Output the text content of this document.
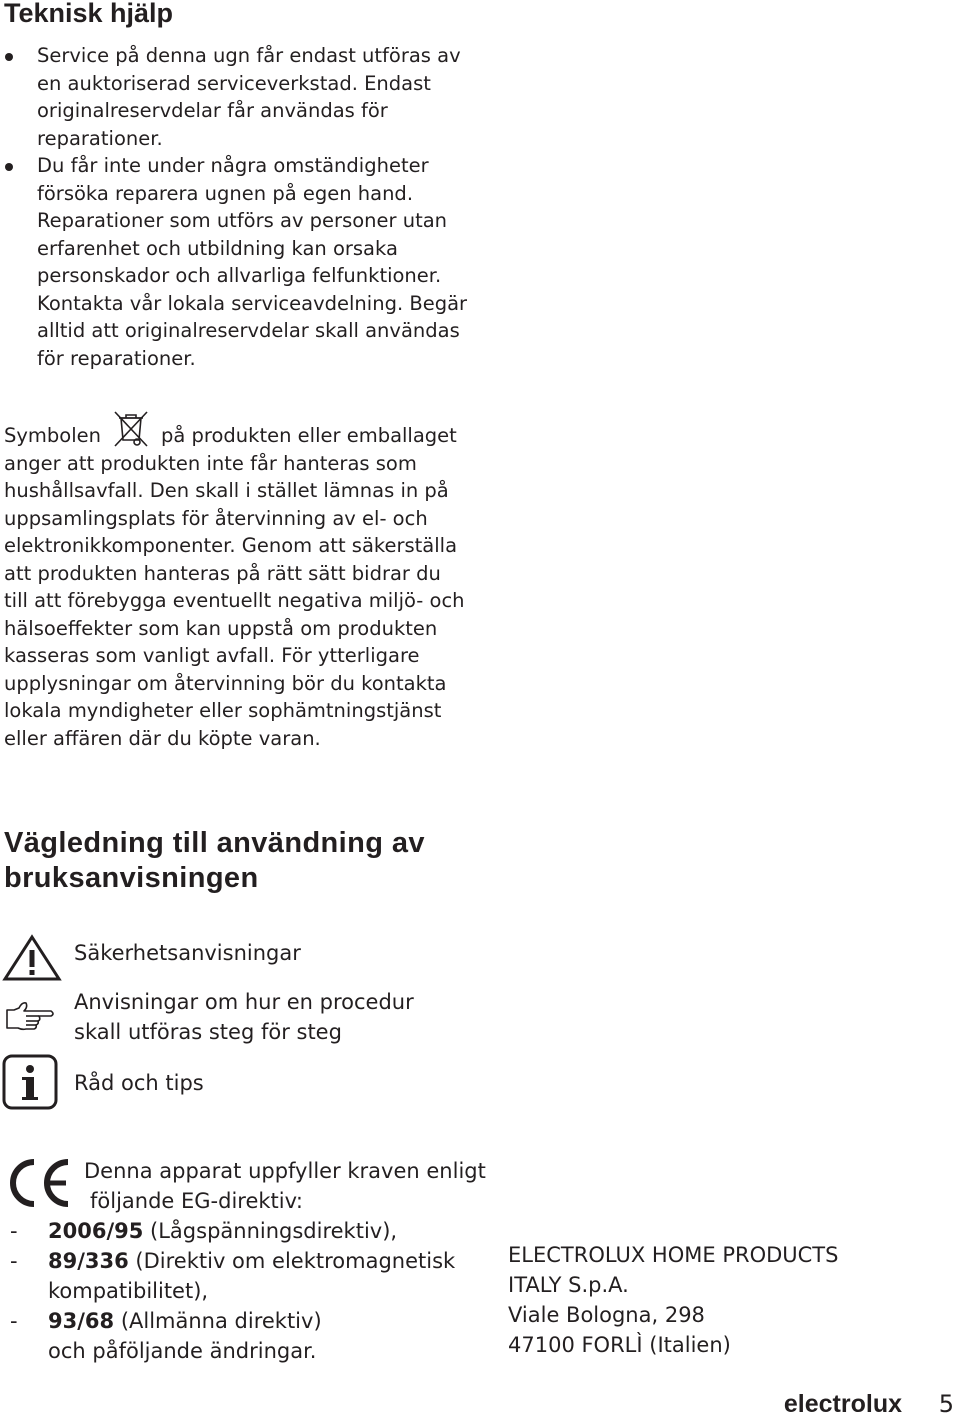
Teknisk hjälp
Service på denna ugn får endast utföras av
en auktoriserad serviceverkstad. Endast
originalreservdelar får användas för
reparationer.
Du får inte under några omständigheter
försöka reparera ugnen på egen hand.
Reparationer som utförs av personer utan
erfarenhet och utbildning kan orsaka
personskador och allvarliga felfunktioner.
Kontakta vår lokala serviceavdelning. Begär
alltid att originalreservdelar skall användas
för reparationer.
Symbolen	på produkten eller emballaget
anger att produkten inte får hanteras som
hushållsavfall. Den skall i stället lämnas in på
uppsamlingsplats för återvinning av el- och
elektronikkomponenter. Genom att säkerställa
att produkten hanteras på rätt sätt bidrar du
till att förebygga eventuellt negativa miljö- och
hälsoeffekter som kan uppstå om produkten
kasseras som vanligt avfall. För ytterligare
upplysningar om återvinning bör du kontakta
lokala myndigheter eller sophämtningstjänst
eller affären där du köpte varan.
Vägledning till användning av
bruksanvisningen
Säkerhetsanvisningar
Anvisningar om hur en procedur
skall utföras steg för steg
Råd och tips
Denna apparat uppfyller kraven enligt
följande EG-direktiv:
- 2006/95 (Lågspänningsdirektiv),
- 89/336 (Direktiv om elektromagnetisk
kompatibilitet),
- 93/68 (Allmänna direktiv)
och påföljande ändringar.
ELECTROLUX HOME PRODUCTS
ITALY S.p.A.
Viale Bologna, 298
47100 FORLÌ (Italien)
electrolux 5
